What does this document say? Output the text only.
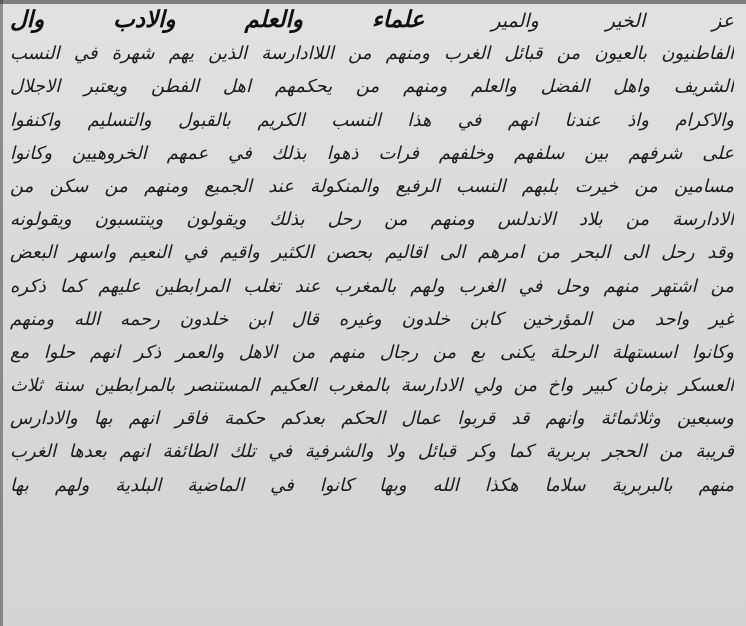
عز الخير والمير علماء والعلم والادب وال
الفاطنيون بالعيون من قبائل الغرب ومنهم من اللاادارسة الذين يهم شهرة في النسب
الشريف واهل الفضل والعلم ومنهم من يحكمهم اهل الفطن ويعتبر الاجلال
والاكرام واذ عندنا انهم في هذا النسب الكريم بالقبول والتسليم واكنفوا
على شرفهم بين سلفهم وخلفهم فرات ذهوا بذلك في عمهم الخروهيين وكانوا
مسامين من خيرت بلبهم النسب الرفيع والمنكولة عند الجميع ومنهم من سكن من
الادارسة من بلاد الاندلس ومنهم من رحل بذلك ويقولون وينتسبون ويقولونه
وقد رحل الى البحر من امرهم الى اقاليم بحصن الكثير واقيم في النعيم واسهر البعض
من اشتهر منهم وحل في الغرب ولهم بالمغرب عند تغلب المرابطين عليهم كما ذكره
غير واحد من المؤرخين كابن خلدون وغيره قال ابن خلدون رحمه الله ومنهم
وكانوا اسستهلة الرحلة يكنى بع من رجال منهم من الاهل والعمر ذكر انهم حلوا مع
العسكر بزمان كبير واخ من ولي الادارسة بالمغرب العكيم المستنصر بالمرابطين سنة ثلاث
وسبعين وثلاثمائة وانهم قد قربوا عمال الحكم بعدكم حكمة فاقر انهم بها والادارس
قريبة من الحجر بربرية كما وكر قبائل ولا والشرفية في تلك الطائفة انهم بعدها الغرب
منهم بالبربرية سلاما هكذا الله وبها كانوا في الماضية البلدية ولهم بها
